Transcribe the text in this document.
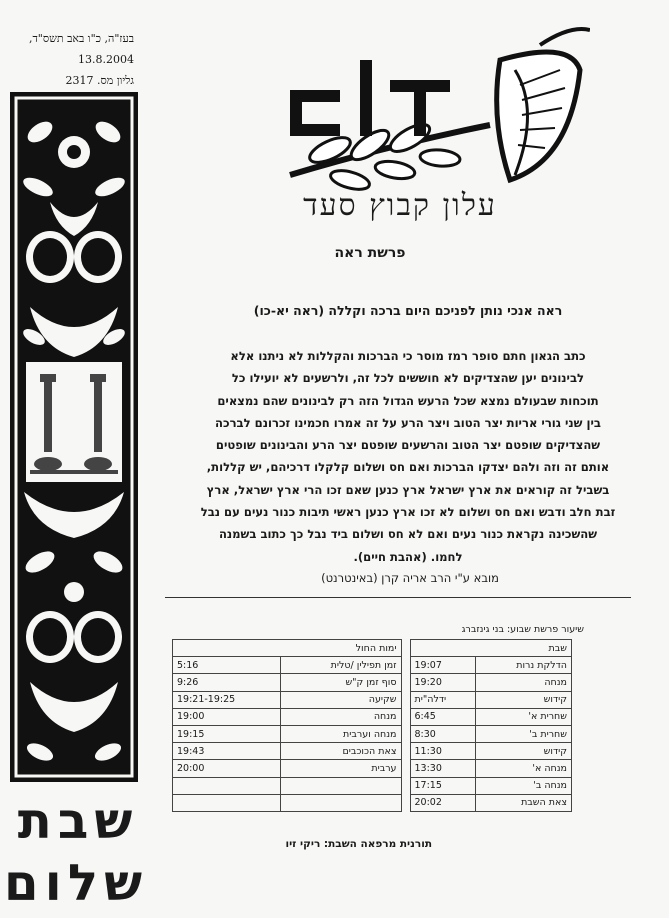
בעז"ה, כ"ו באב תשס"ד,
13.8.2004
גליון מס. 2317
שבת
שלום
עלון קבוץ סעד
פרשת ראה
ראה אנכי נותן לפניכם היום ברכה וקללה (ראה יא-כו)
כתב הגאון חתם סופר רמז מוסר כי הברכות והקללות לא ניתנו אלא
לבינונים יען שהצדיקים לא חוששים לכל זה, ולרשעים לא יועילו כל
תוכחות שבעולם נמצא שכל הרעש הגדול הזה רק לבינונים שהם נמצאים
בין שני גורי אריות יצר הטוב ויצר הרע על זה אמרו חכמינו זכרונם לברכה
שהצדיקים שופטם יצר הטוב והרשעים שופטם יצר הרע והבינונים שופטים
אותם זה וזה ולהם יצדקו הברכות ואם חס ושלום קלקלו דרכיהם, יש קללות,
בשביל זה קוראים את ארץ ישראל ארץ כנען שאם זכו הרי ארץ ישראל, ארץ
זבת חלב ודבש ואם חס ושלום לא זכו ארץ כנען ראשי תיבות כנור נעים עם נבל
שהשכינה נקראת כנור נעים ואם לא חס ושלום ביד נבל כך כתוב בשמנה
לחמו. (אהבת חיים).
מובא ע"י הרב אריה קרן (באינטרנט)
שיעור פרשת שבוע: בני גינזברג
שבת			ימות החול	
הדלקת נרות	19:07		זמן תפילין /טלית	5:16
מנחה	19:20		סוף זמן ק"ש	9:26
קידוש	ידלה"ית		שקיעה	19:21-19:25
שחרית א'	6:45		מנחה	19:00
שחרית ב'	8:30		מנחה וערבית	19:15
קידוש	11:30		צאת הכוכבים	19:43
מנחה א'	13:30		ערבית	20:00
מנחה ב'	17:15			
צאת השבת	20:02			
תורנית מרפאה השבת: ריקי זיו
